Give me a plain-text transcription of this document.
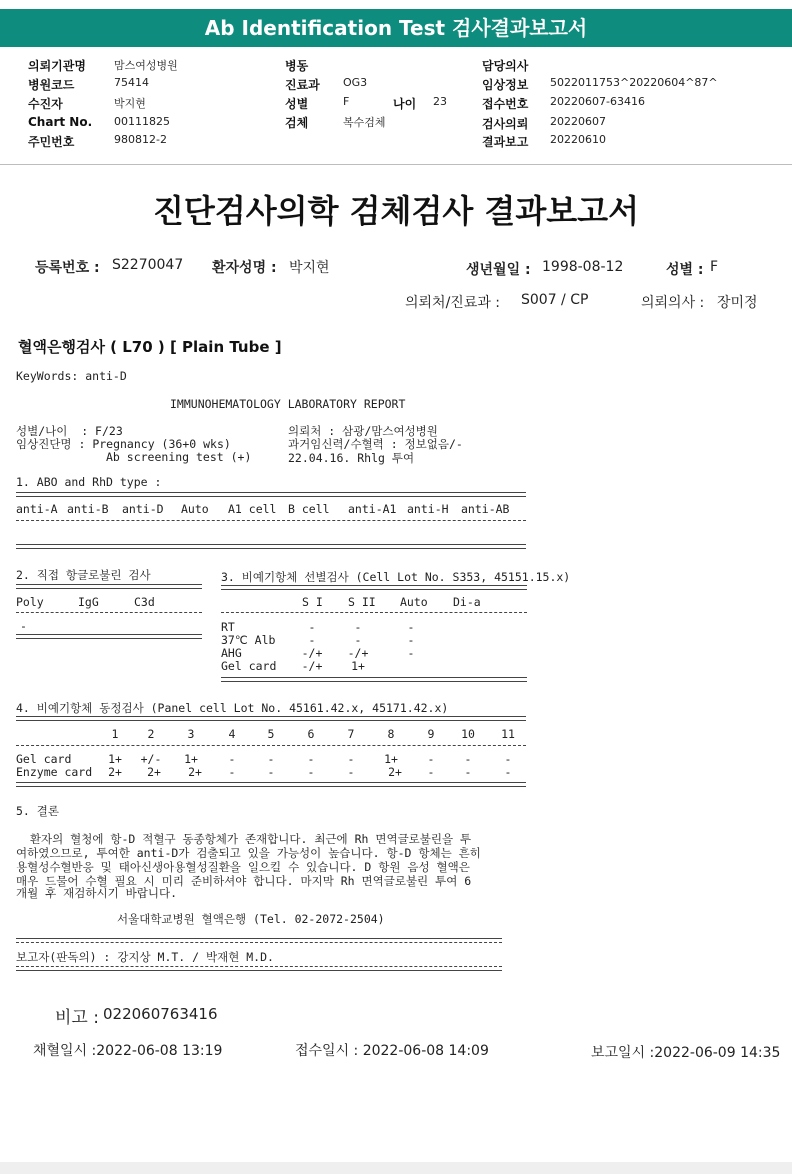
Ab Identification Test 검사결과보고서
의뢰기관명	맘스여성병원
병원코드	75414
수진자	박지현
Chart No. 00111825
주민번호	980812-2
병동
진료과 OG3
성별	F	나이 23
검체	복수검체
담당의사
임상정보 5022011753^20220604^87^
접수번호 20220607-63416
검사의뢰 20220607
결과보고 20220610
진단검사의학 검체검사 결과보고서
등록번호 : S2270047 환자성명 : 박지현	생년월일 : 1998-08-12	성별 : F
의뢰처/진료과 : S007 / CP	의뢰의사 : 장미정
혈액은행검사 ( L70 ) [ Plain Tube ]
KeyWords: anti-D
IMMUNOHEMATOLOGY LABORATORY REPORT
성별/나이  : F/23
임상진단명 : Pregnancy (36+0 wks)
Ab screening test (+)
의뢰처 : 삼광/맘스여성병원
과거임신력/수혈력 : 정보없음/-
22.04.16. Rhlg 투여
1. ABO and RhD type :
anti-A anti-B anti-D Auto A1 cell B cell anti-A1 anti-H anti-AB
2. 직접 항글로불린 검사
Poly	IgG	C3d
-
3. 비예기항체 선별검사 (Cell Lot No. S353, 45151.15.x)
S I S II Auto Di-a
RT	-	-	-
37℃ Alb	-	-	-
AHG	-/+	-/+	-
Gel card	-/+	1+
4. 비예기항체 동정검사 (Panel cell Lot No. 45161.42.x, 45171.42.x)
1	2	3	4	5	6	7	8	9	10	11
Gel card	1+	+/-	1+	-	-	-	-	1+	-	-	-
Enzyme card	2+	2+	2+	-	-	-	-	2+	-	-	-
5. 결론
환자의 혈청에 항-D 적혈구 동종항체가 존재합니다. 최근에 Rh 면역글로불린을 투
여하였으므로, 투여한 anti-D가 검출되고 있을 가능성이 높습니다. 항-D 항체는 흔히
용혈성수혈반응 및 태아신생아용혈성질환을 일으킬 수 있습니다. D 항원 음성 혈액은
매우 드물어 수혈 필요 시 미리 준비하셔야 합니다. 마지막 Rh 면역글로불린 투여 6
개월 후 재검하시기 바랍니다.
서울대학교병원 혈액은행 (Tel. 02-2072-2504)
보고자(판독의) : 강지상 M.T. / 박재현 M.D.
비고 : 022060763416
채혈일시 :2022-06-08 13:19	접수일시 : 2022-06-08 14:09	보고일시 :2022-06-09 14:35
